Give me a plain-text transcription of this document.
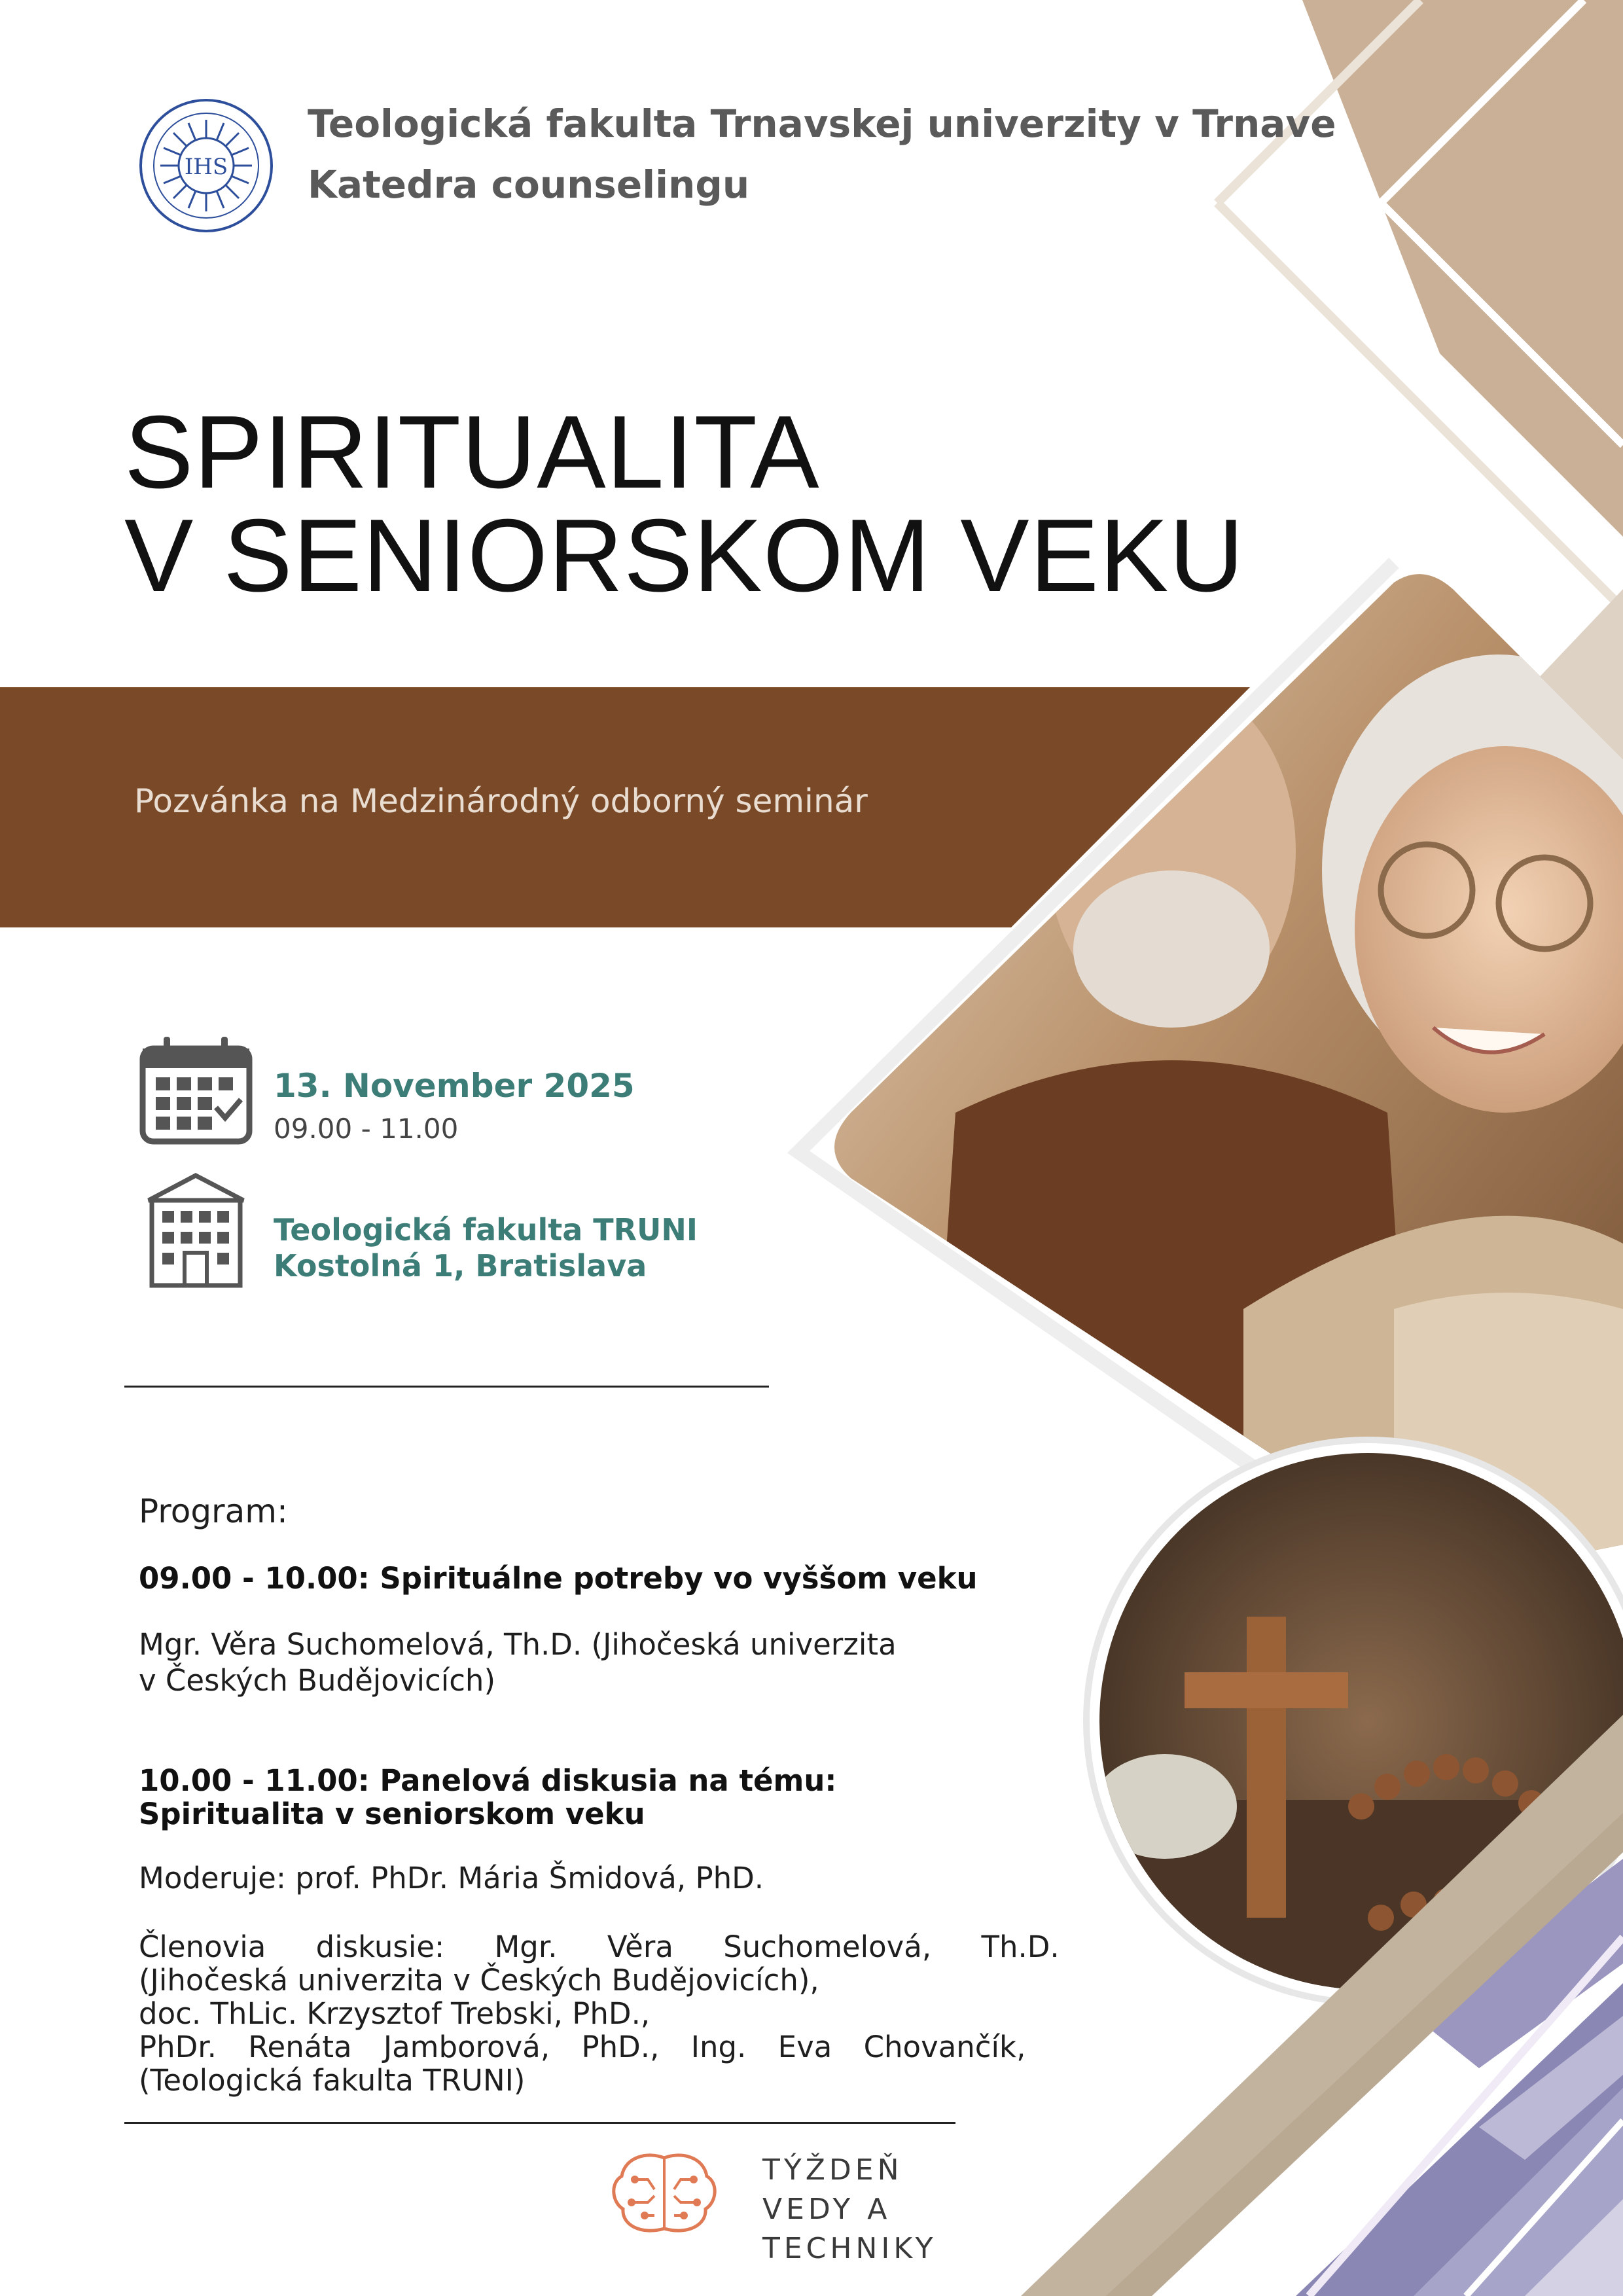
IHS
Teologická fakulta Trnavskej univerzity v Trnave
Katedra counselingu
SPIRITUALITA
V SENIORSKOM VEKU
Pozvánka na Medzinárodný odborný seminár
13. November 2025
09.00 - 11.00
Teologická fakulta TRUNI
Kostolná 1, Bratislava
Program:
09.00 - 10.00: Spirituálne potreby vo vyššom veku
Mgr. Věra Suchomelová, Th.D. (Jihočeská univerzita
v Českých Budějovicích)
10.00 - 11.00: Panelová diskusia na tému:
Spiritualita v seniorskom veku
Moderuje: prof. PhDr. Mária Šmidová, PhD.
Členovia diskusie: Mgr. Věra Suchomelová, Th.D.
(Jihočeská univerzita v Českých Budějovicích),
doc. ThLic. Krzysztof Trebski, PhD.,
PhDr. Renáta Jamborová, PhD., Ing. Eva Chovančík,
(Teologická fakulta TRUNI)
TÝŽDEŇ
VEDY A
TECHNIKY
